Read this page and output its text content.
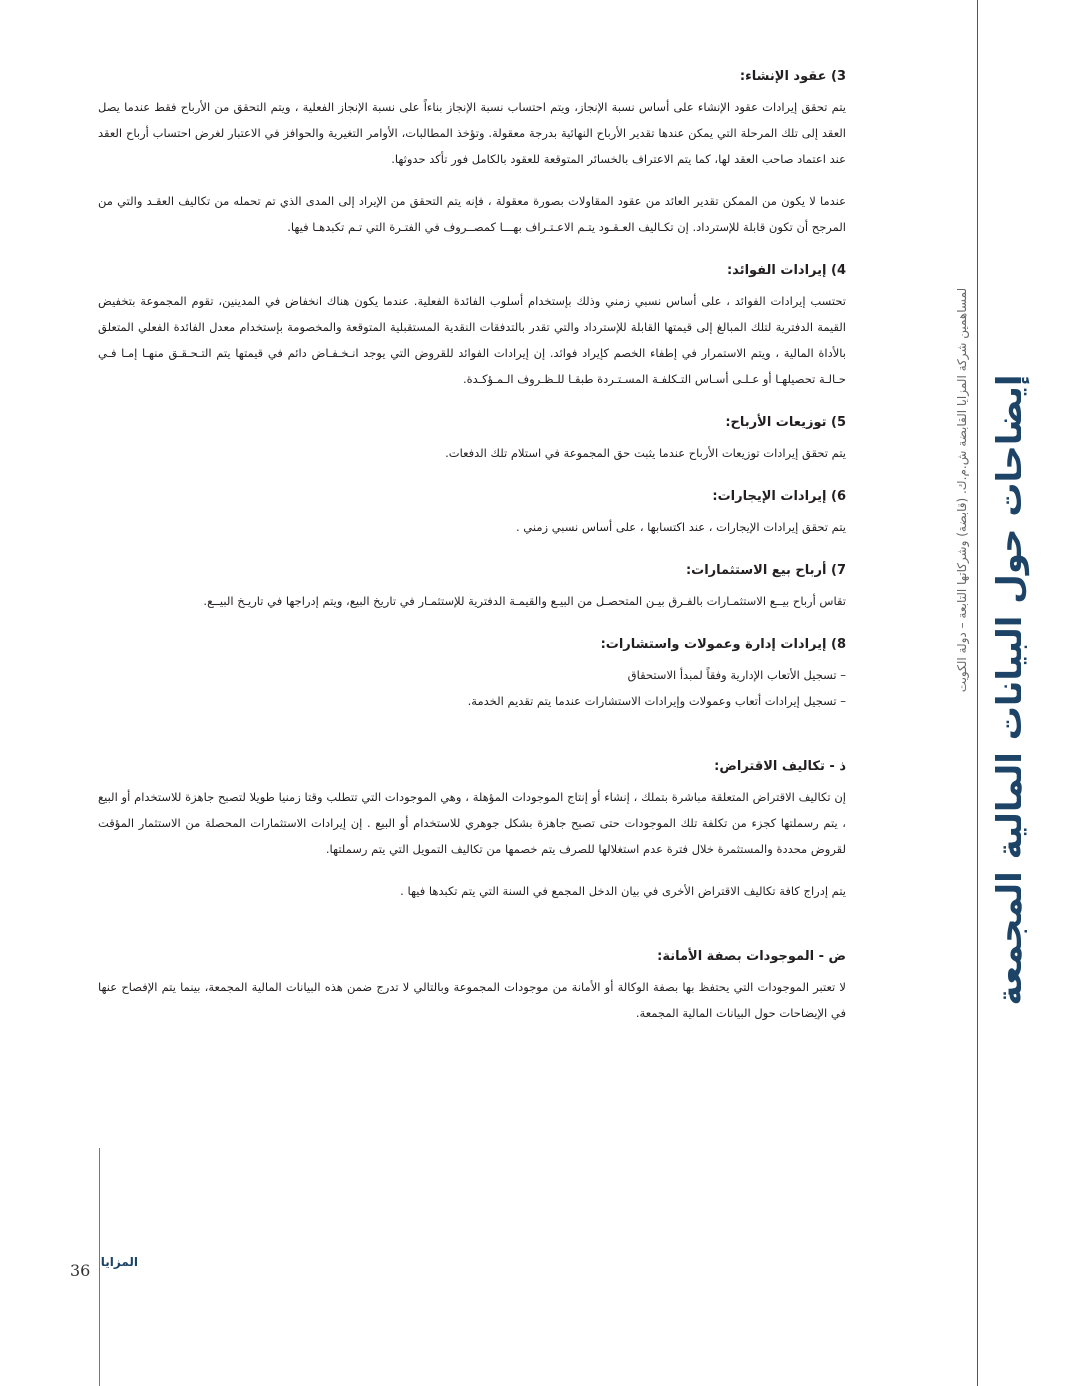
إيضاحات حول البيانات المالية المجمعة
لمساهمين شركة المزايا القابضة ش.م.ك. (قابضة) وشركاتها التابعة – دولة الكويت
3) عقود الإنشاء:

يتم تحقق إيرادات عقود الإنشاء على أساس نسبة الإنجاز، ويتم احتساب نسبة الإنجاز بناءاً على نسبة الإنجاز الفعلية ، ويتم التحقق من الأرباح فقط عندما يصل العقد إلى تلك المرحلة التي يمكن عندها تقدير الأرباح النهائية بدرجة معقولة. وتؤخذ المطالبات، الأوامر التغيرية والحوافز في الاعتبار لغرض احتساب أرباح العقد عند اعتماد صاحب العقد لها، كما يتم الاعتراف بالخسائر المتوقعة للعقود بالكامل فور تأكد حدوثها.

عندما لا يكون من الممكن تقدير العائد من عقود المقاولات بصورة معقولة ، فإنه يتم التحقق من الإيراد إلى المدى الذي تم تحمله من تكاليف العقـد والتي من المرجح أن تكون قابلة للإسترداد. إن تكـاليف العـقـود يتـم الاعـتـراف بهـــا كمصــروف في الفتـرة التي تـم تكبدهـا فيها.

4) إيرادات الفوائد:

تحتسب إيرادات الفوائد ، على أساس نسبي زمني وذلك بإستخدام أسلوب الفائدة الفعلية. عندما يكون هناك انخفاض في المدينين، تقوم المجموعة بتخفيض القيمة الدفترية لتلك المبالغ إلى قيمتها القابلة للإسترداد والتي تقدر بالتدفقات النقدية المستقبلية المتوقعة والمخصومة بإستخدام معدل الفائدة الفعلي المتعلق بالأداة المالية ، ويتم الاستمرار في إطفاء الخصم كإيراد فوائد. إن إيرادات الفوائد للقروض التي يوجد انـخـفـاض دائم في قيمتها يتم التـحـقـق منهـا إمـا فـي حـالـة تحصيلهـا أو عـلـى أسـاس التـكلفـة المسـتـردة طبقـا للـظـروف الـمـؤكـدة.

5) توزيعات الأرباح:

يتم تحقق إيرادات توزيعات الأرباح عندما يثبت حق المجموعة في استلام تلك الدفعات.

6) إيرادات الإيجارات:

يتم تحقق إيرادات الإيجارات ، عند اكتسابها ، على أساس نسبي زمني .

7) أرباح بيع الاستثمارات:

تقاس أرباح بيــع الاستثمـارات بالفـرق بيـن المتحصـل من البيـع والقيمـة الدفترية للإستثمـار في تاريخ البيع، ويتم إدراجها في تاريـخ البيــع.

8) إيرادات إدارة وعمولات واستشارات:
– تسجيل الأتعاب الإدارية وفقاً لمبدأ الاستحقاق
– تسجيل إيرادات أتعاب وعمولات وإيرادات الاستشارات عندما يتم تقديم الخدمة.
ذ - تكاليف الاقتراض:

إن تكاليف الاقتراض المتعلقة مباشرة بتملك ، إنشاء أو إنتاج الموجودات المؤهلة ، وهي الموجودات التي تتطلب وقتا زمنيا طويلا لتصبح جاهزة للاستخدام أو البيع ، يتم رسملتها كجزء من تكلفة تلك الموجودات حتى تصبح جاهزة بشكل جوهري للاستخدام أو البيع . إن إيرادات الاستثمارات المحصلة من الاستثمار المؤقت لقروض محددة والمستثمرة خلال فترة عدم استغلالها للصرف يتم خصمها من تكاليف التمويل التي يتم رسملتها.

يتم إدراج كافة تكاليف الاقتراض الأخرى في بيان الدخل المجمع في السنة التي يتم تكبدها فيها .

ض - الموجودات بصفة الأمانة:

لا تعتبر الموجودات التي يحتفظ بها بصفة الوكالة أو الأمانة من موجودات المجموعة وبالتالي لا تدرج ضمن هذه البيانات المالية المجمعة، بينما يتم الإفصاح عنها في الإيضاحات حول البيانات المالية المجمعة.

36 المزايا
